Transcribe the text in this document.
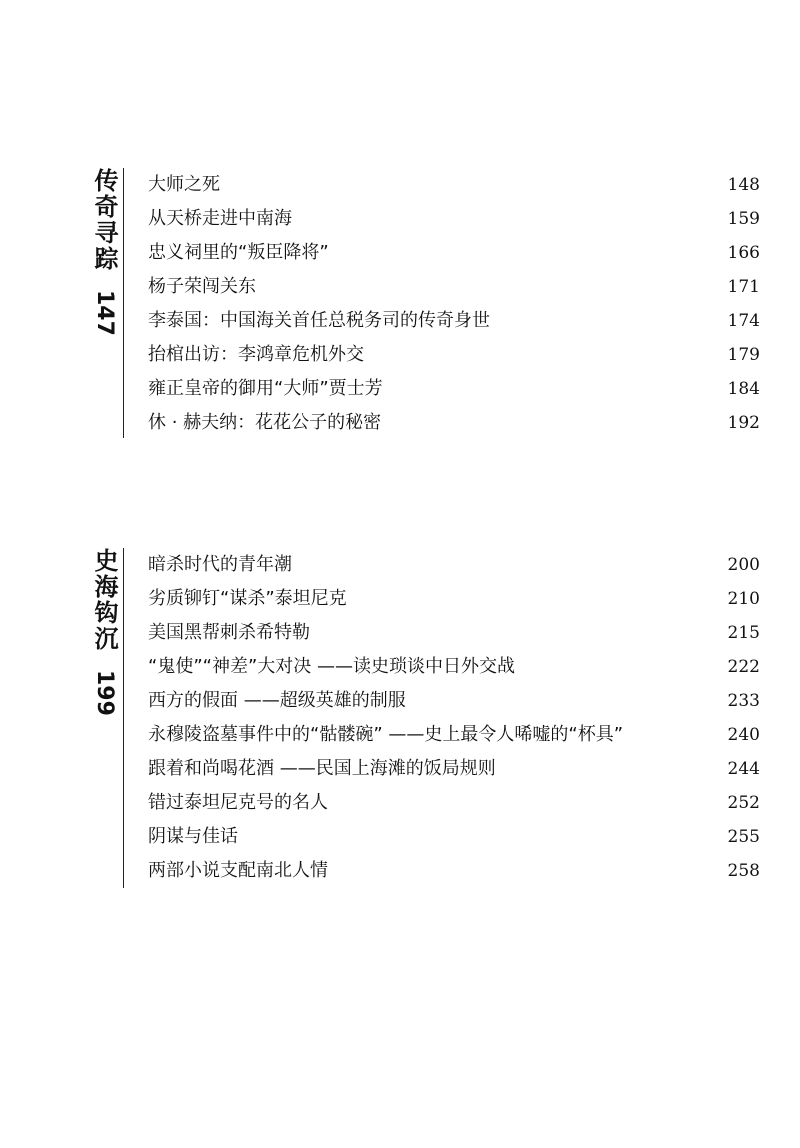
传奇寻踪
147
大师之死	148
从天桥走进中南海	159
忠义祠里的“叛臣降将”	166
杨子荣闯关东	171
李泰国：中国海关首任总税务司的传奇身世	174
抬棺出访：李鸿章危机外交	179
雍正皇帝的御用“大师”贾士芳	184
休 · 赫夫纳：花花公子的秘密	192
史海钩沉
199
暗杀时代的青年潮	200
劣质铆钉“谋杀”泰坦尼克	210
美国黑帮刺杀希特勒	215
“鬼使”“神差”大对决 ——读史琐谈中日外交战	222
西方的假面 ——超级英雄的制服	233
永穆陵盗墓事件中的“骷髅碗” ——史上最令人唏嘘的“杯具”	240
跟着和尚喝花酒 ——民国上海滩的饭局规则	244
错过泰坦尼克号的名人	252
阴谋与佳话	255
两部小说支配南北人情	258
